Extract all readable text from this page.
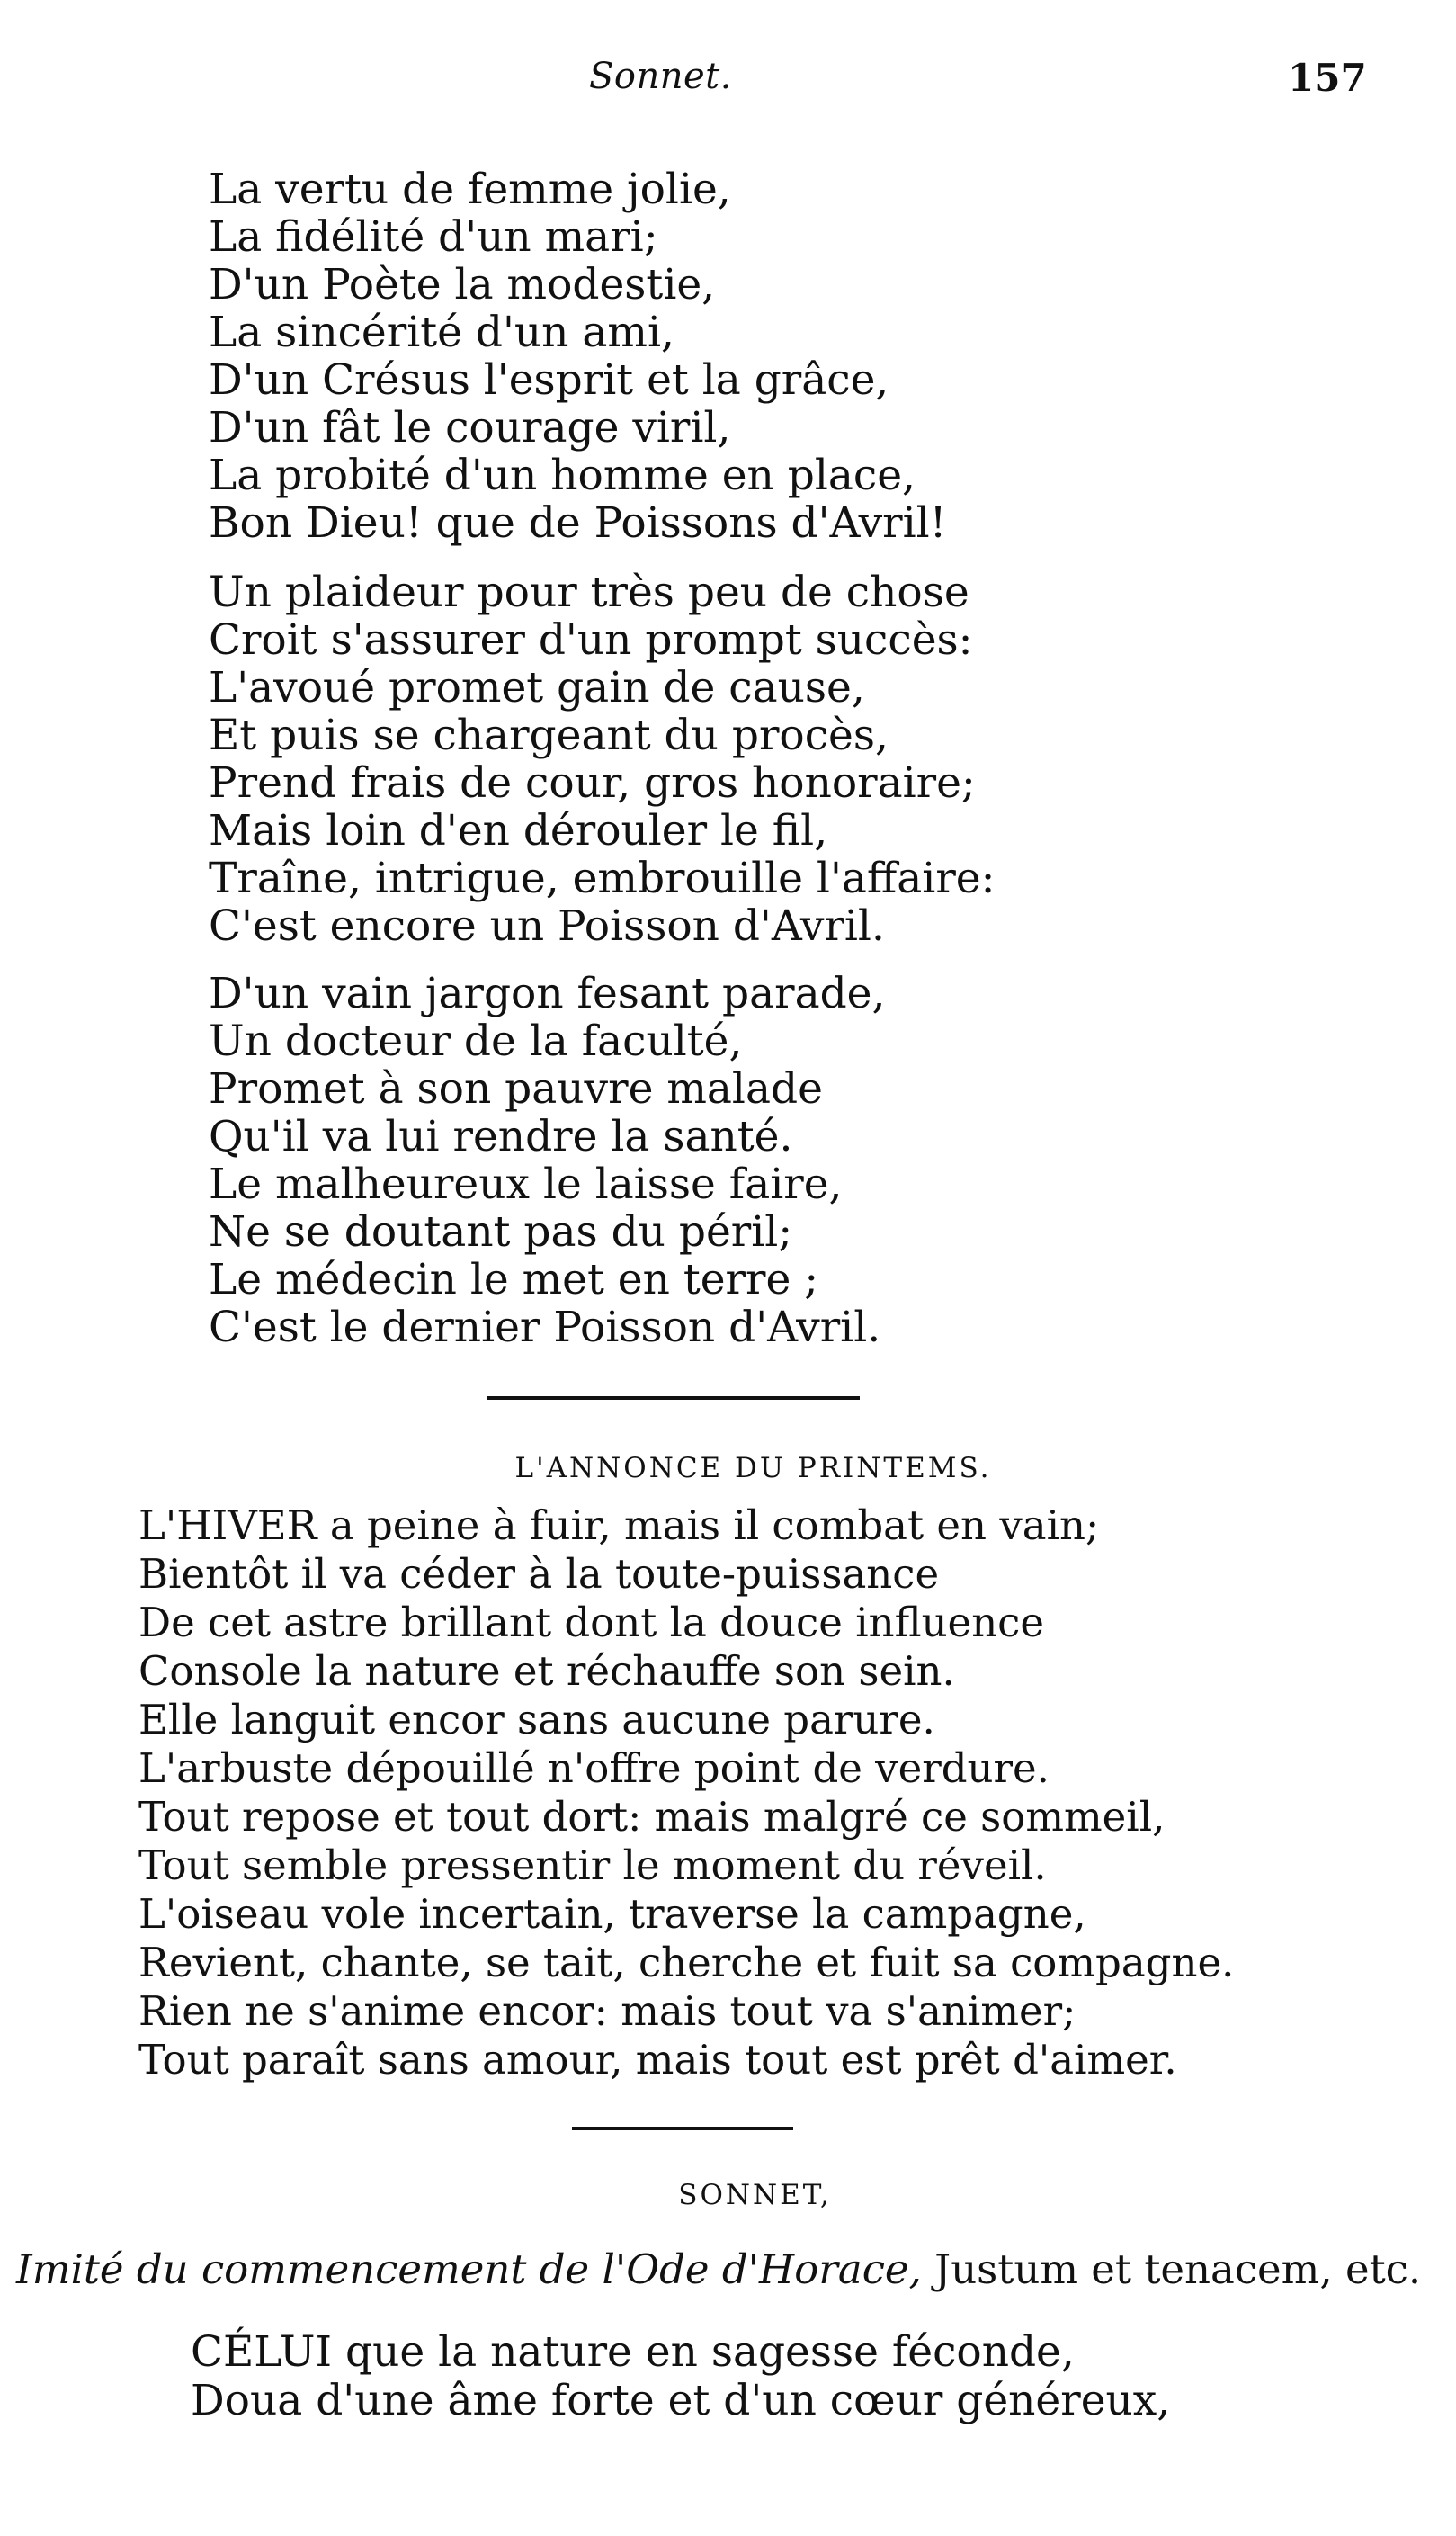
Sonnet.	157
La vertu de femme jolie,
La fidélité d'un mari;
D'un Poète la modestie,
La sincérité d'un ami,
D'un Crésus l'esprit et la grâce,
D'un fât le courage viril,
La probité d'un homme en place,
Bon Dieu! que de Poissons d'Avril!
Un plaideur pour très peu de chose
Croit s'assurer d'un prompt succès:
L'avoué promet gain de cause,
Et puis se chargeant du procès,
Prend frais de cour, gros honoraire;
Mais loin d'en dérouler le fil,
Traîne, intrigue, embrouille l'affaire:
C'est encore un Poisson d'Avril.
D'un vain jargon fesant parade,
Un docteur de la faculté,
Promet à son pauvre malade
Qu'il va lui rendre la santé.
Le malheureux le laisse faire,
Ne se doutant pas du péril;
Le médecin le met en terre ;
C'est le dernier Poisson d'Avril.
L'ANNONCE DU PRINTEMS.
L'HIVER a peine à fuir, mais il combat en vain;
Bientôt il va céder à la toute-puissance
De cet astre brillant dont la douce influence
Console la nature et réchauffe son sein.
Elle languit encor sans aucune parure.
L'arbuste dépouillé n'offre point de verdure.
Tout repose et tout dort: mais malgré ce sommeil,
Tout semble pressentir le moment du réveil.
L'oiseau vole incertain, traverse la campagne,
Revient, chante, se tait, cherche et fuit sa compagne.
Rien ne s'anime encor: mais tout va s'animer;
Tout paraît sans amour, mais tout est prêt d'aimer.
SONNET,
Imité du commencement de l'Ode d'Horace, Justum et tenacem, etc.
CÉLUI que la nature en sagesse féconde,
Doua d'une âme forte et d'un cœur généreux,
